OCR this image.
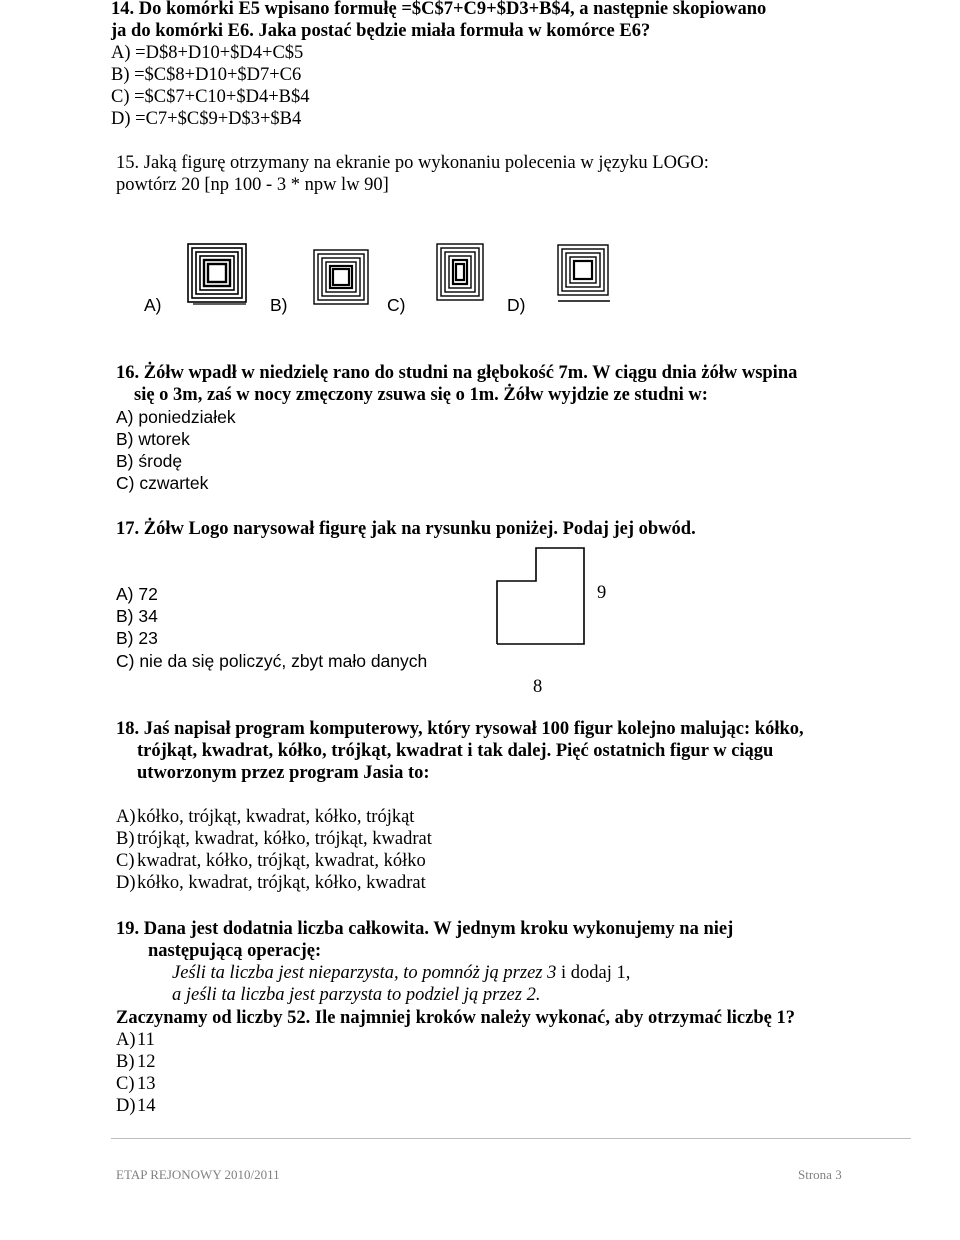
14. Do komórki E5 wpisano formułę =$C$7+C9+$D3+B$4, a następnie skopiowano
ja do komórki E6. Jaka postać będzie miała formuła w komórce E6?
A) =D$8+D10+$D4+C$5
B) =$C$8+D10+$D7+C6
C) =$C$7+C10+$D4+B$4
D) =C7+$C$9+D$3+$B4
15. Jaką figurę otrzymany na ekranie po wykonaniu polecenia w języku LOGO:
powtórz 20 [np 100 - 3 * npw lw 90]
A)	B)	C)	D)
16. Żółw wpadł w niedzielę rano do studni na głębokość 7m. W ciągu dnia żółw wspina
się o 3m, zaś w nocy zmęczony zsuwa się o 1m. Żółw wyjdzie ze studni w:
A) poniedziałek
B) wtorek
B) środę
C) czwartek
17. Żółw Logo narysował figurę jak na rysunku poniżej. Podaj jej obwód.
A) 72
B) 34
B) 23
C) nie da się policzyć, zbyt mało danych
9
8
18. Jaś napisał program komputerowy, który rysował 100 figur kolejno malując: kółko,
trójkąt, kwadrat, kółko, trójkąt, kwadrat i tak dalej. Pięć ostatnich figur w ciągu
utworzonym przez program Jasia to:
A)kółko, trójkąt, kwadrat, kółko, trójkąt
B) trójkąt, kwadrat, kółko, trójkąt, kwadrat
C) kwadrat, kółko, trójkąt, kwadrat, kółko
D)kółko, kwadrat, trójkąt, kółko, kwadrat
19. Dana jest dodatnia liczba całkowita. W jednym kroku wykonujemy na niej
następującą operację:
Jeśli ta liczba jest nieparzysta, to pomnóż ją przez 3 i dodaj 1,
a jeśli ta liczba jest parzysta to podziel ją przez 2.
Zaczynamy od liczby 52. Ile najmniej kroków należy wykonać, aby otrzymać liczbę 1?
A)11
B) 12
C) 13
D)14
ETAP REJONOWY 2010/2011	Strona 3
